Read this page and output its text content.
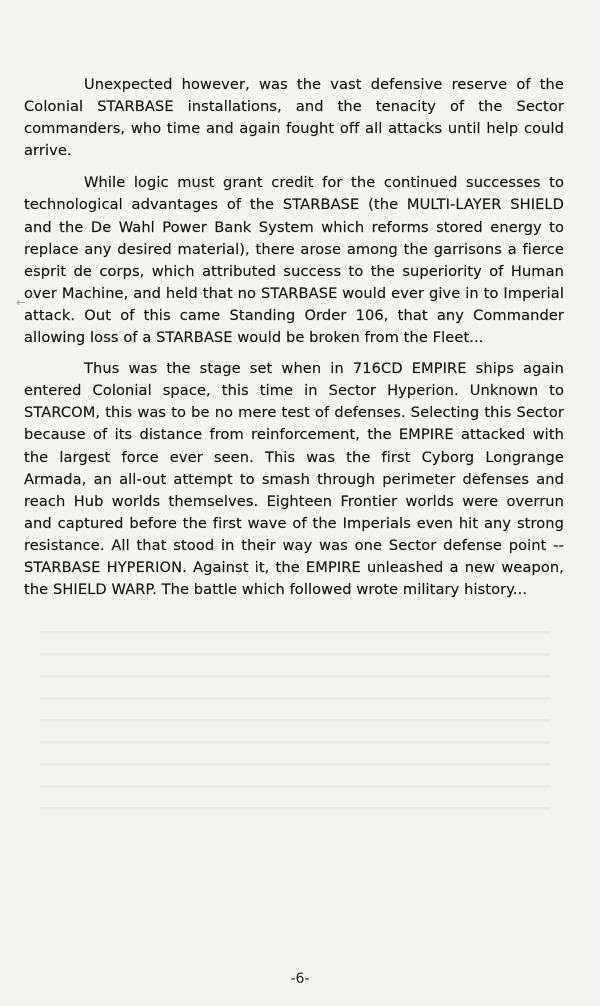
←

Unexpected however, was the vast defensive reserve of the Colonial STARBASE installations, and the tenacity of the Sector commanders, who time and again fought off all attacks until help could arrive.

While logic must grant credit for the continued successes to technological advantages of the STARBASE (the MULTI-LAYER SHIELD and the De Wahl Power Bank System which reforms stored energy to replace any desired material), there arose among the garrisons a fierce esprit de corps, which attributed success to the superiority of Human over Machine, and held that no STARBASE would ever give in to Imperial attack. Out of this came Standing Order 106, that any Commander allowing loss of a STARBASE would be broken from the Fleet...

Thus was the stage set when in 716CD EMPIRE ships again entered Colonial space, this time in Sector Hyperion. Unknown to STARCOM, this was to be no mere test of defenses. Selecting this Sector because of its distance from reinforcement, the EMPIRE attacked with the largest force ever seen. This was the first Cyborg Longrange Armada, an all-out attempt to smash through perimeter defenses and reach Hub worlds themselves. Eighteen Frontier worlds were overrun and captured before the first wave of the Imperials even hit any strong resistance. All that stood in their way was one Sector defense point -- STARBASE HYPERION. Against it, the EMPIRE unleashed a new weapon, the SHIELD WARP. The battle which followed wrote military history...

-6-
